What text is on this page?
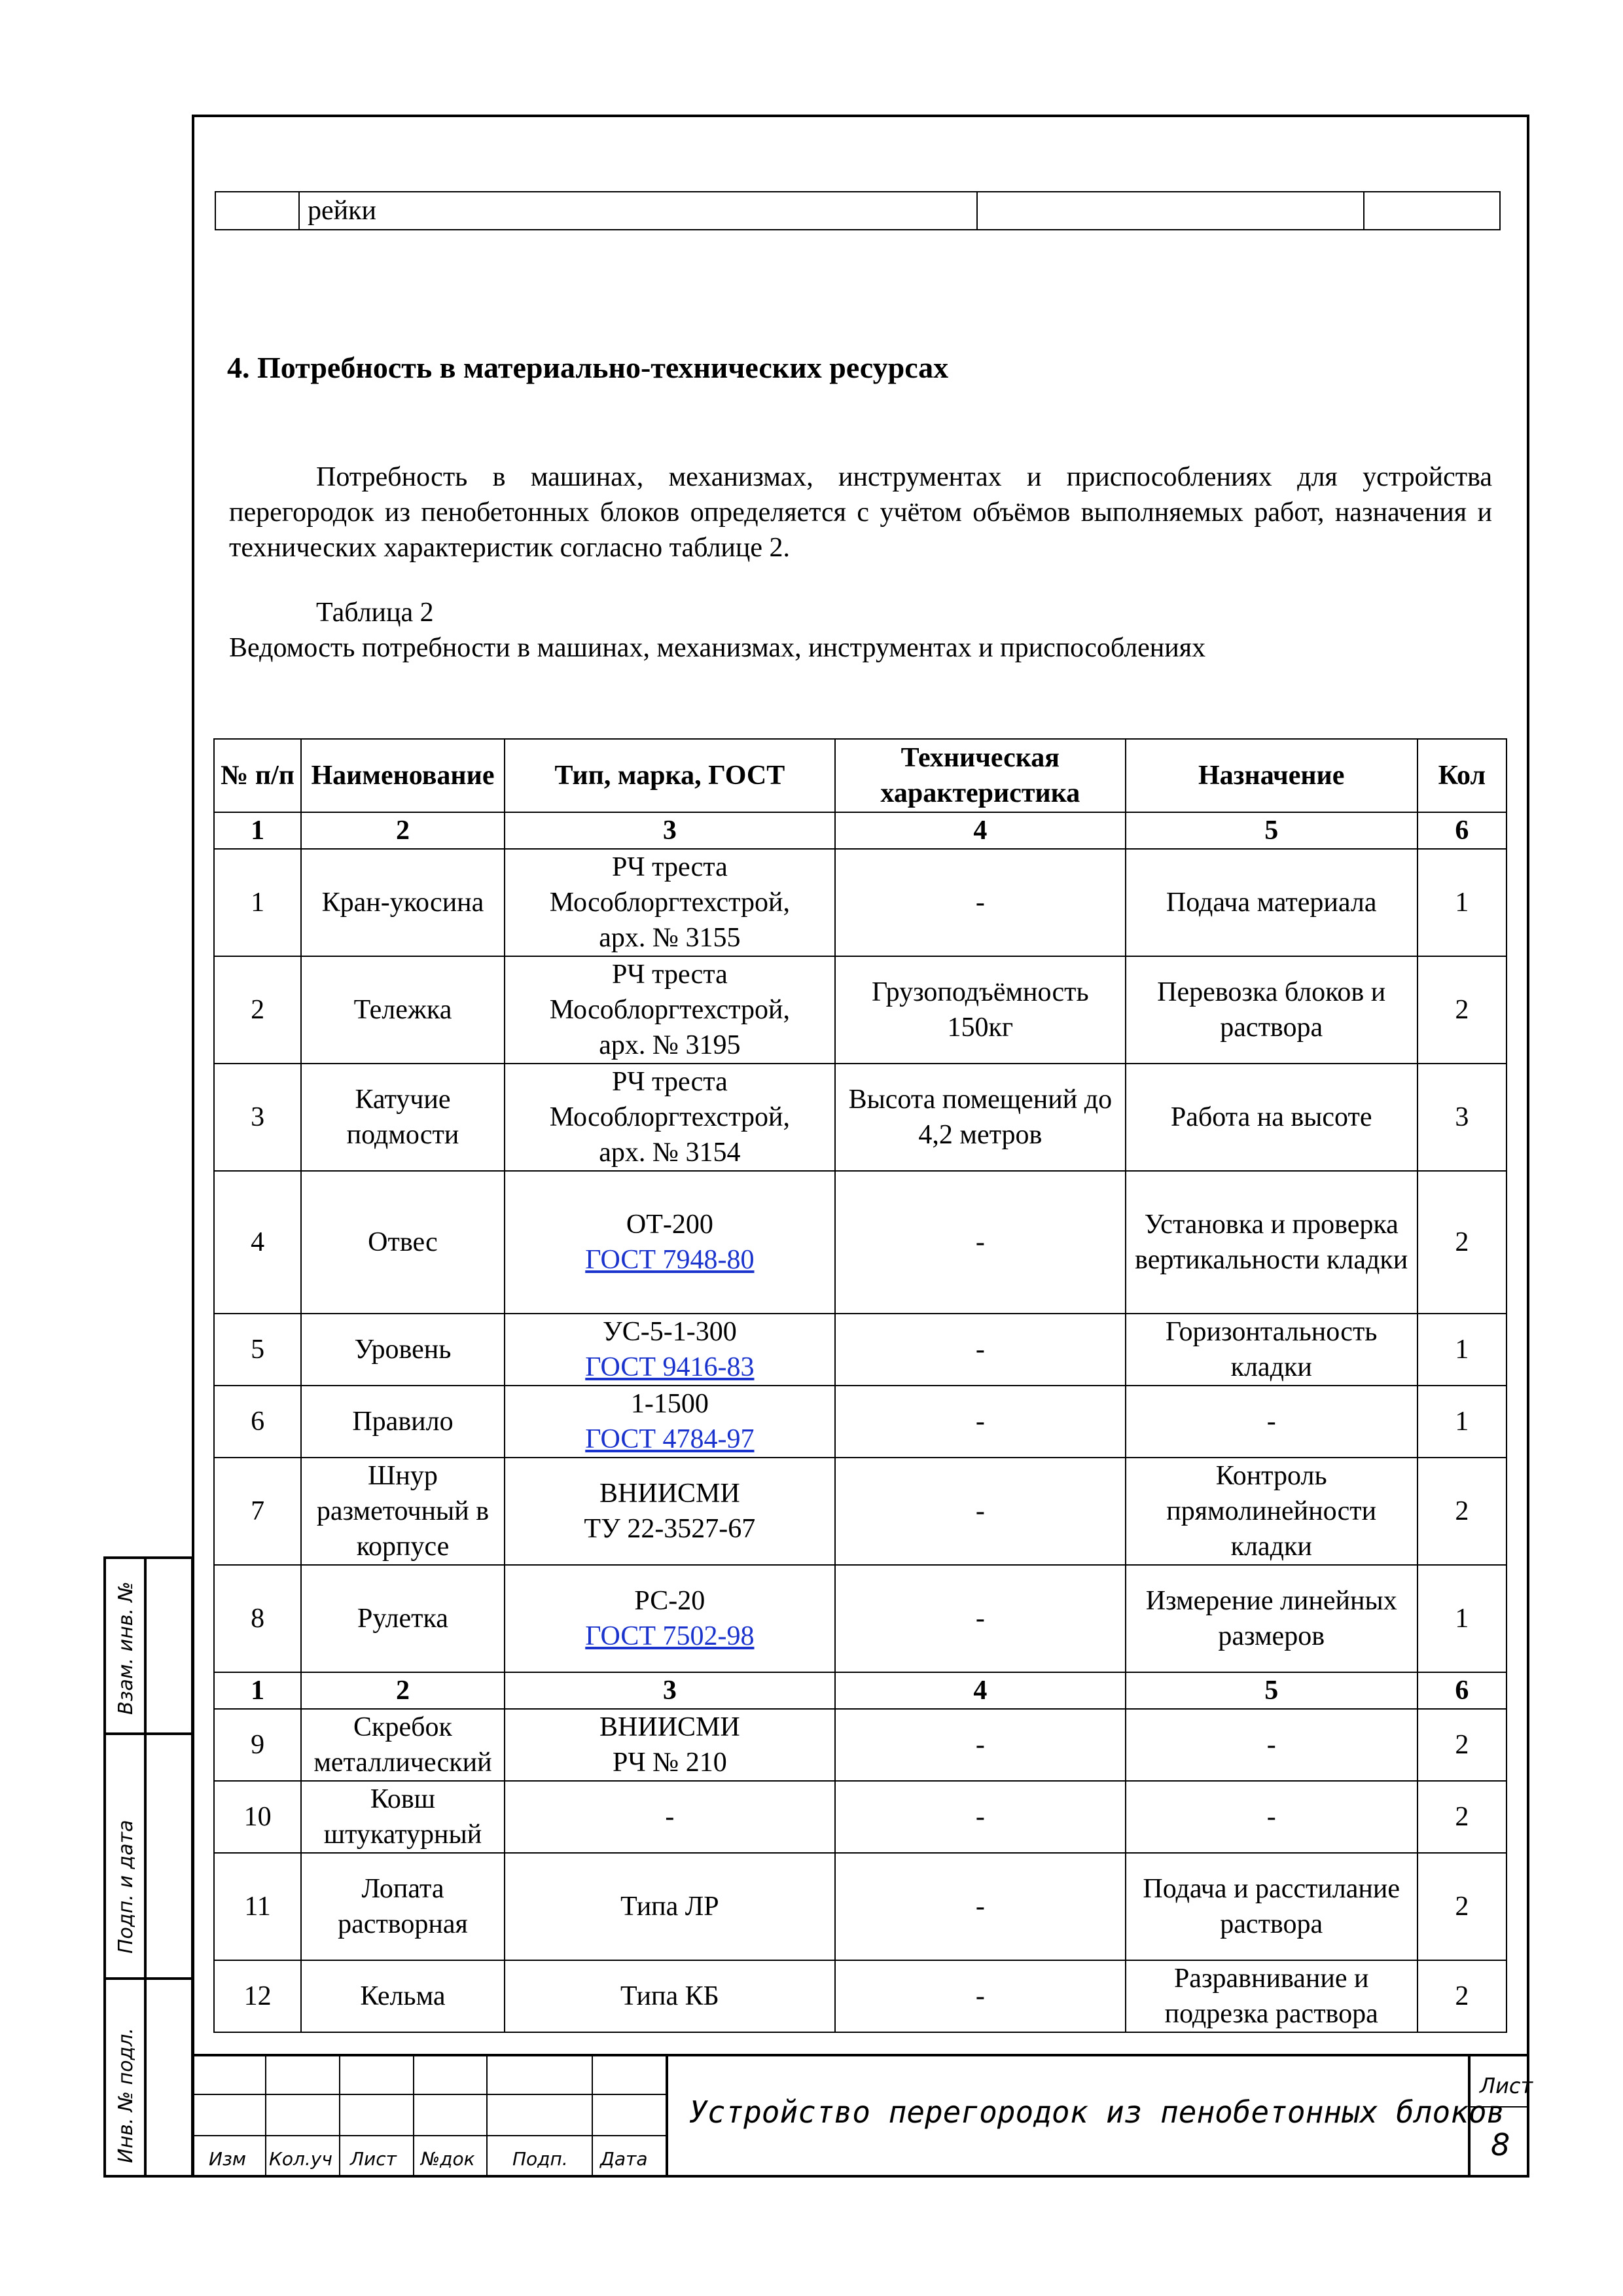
	рейки		
4. Потребность в материально-технических ресурсах

Потребность в машинах, механизмах, инструментах и приспособлениях для устройства перегородок из пенобетонных блоков определяется с учётом объёмов выполняемых работ, назначения и технических характеристик согласно таблице 2.

Таблица 2
Ведомость потребности в машинах, механизмах, инструментах и приспособлениях
№ п/п	Наименование	Тип, марка, ГОСТ	Техническая характеристика	Назначение	Кол
1	2	3	4	5	6
1	Кран-укосина	РЧ треста
Мособлоргтехстрой,
арх. № 3155	-	Подача материала	1
2	Тележка	РЧ треста
Мособлоргтехстрой,
арх. № 3195	Грузоподъёмность 150кг	Перевозка блоков и раствора	2
3	Катучие подмости	РЧ треста
Мособлоргтехстрой,
арх. № 3154	Высота помещений до 4,2 метров	Работа на высоте	3
4	Отвес	ОТ-200
ГОСТ 7948-80	-	Установка и проверка вертикальности кладки	2
5	Уровень	УС-5-1-300
ГОСТ 9416-83	-	Горизонтальность кладки	1
6	Правило	1-1500
ГОСТ 4784-97	-	-	1
7	Шнур разметочный в корпусе	ВНИИСМИ
ТУ 22-3527-67	-	Контроль прямолинейности кладки	2
8	Рулетка	РС-20
ГОСТ 7502-98	-	Измерение линейных размеров	1
1	2	3	4	5	6
9	Скребок металлический	ВНИИСМИ
РЧ № 210	-	-	2
10	Ковш штукатурный	-	-	-	2
11	Лопата растворная	Типа ЛР	-	Подача и расстилание раствора	2
12	Кельма	Типа КБ	-	Разравнивание и подрезка раствора	2
Взам. инв. №
Подп. и дата
Инв. № подл.	Изм Кол.уч Лист №док Подп. Дата
Устройство перегородок из пенобетонных блоков
Лист
8
